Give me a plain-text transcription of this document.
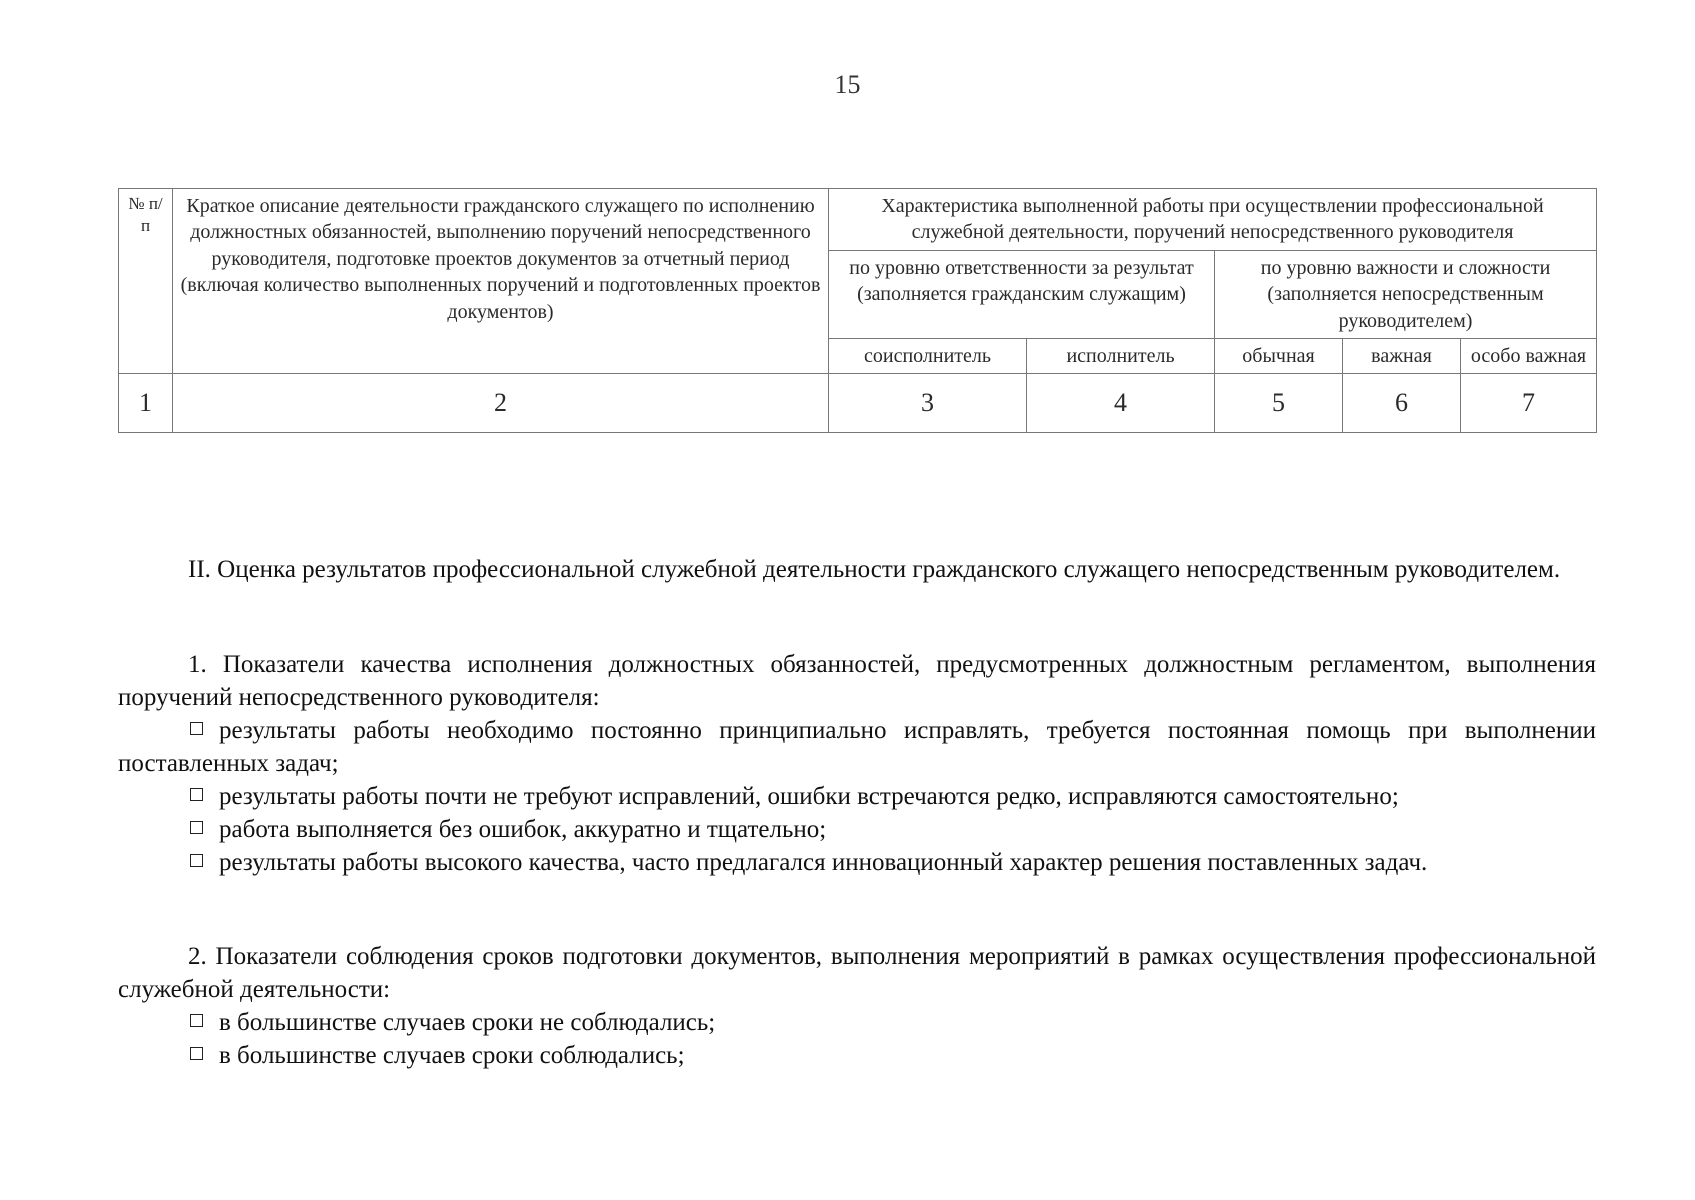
15
№ п/п	Краткое описание деятельности гражданского служащего по исполнению должностных обязанностей, выполнению поручений непосредственного руководителя, подготовке проектов документов за отчетный период (включая количество выполненных поручений и подготовленных проектов документов)	Характеристика выполненной работы при осуществлении профессиональной служебной деятельности, поручений непосредственного руководителя				
		по уровню ответственности за результат (заполняется гражданским служащим)		по уровню важности и сложности (заполняется непосредственным руководителем)		
		соисполнитель	исполнитель	обычная	важная	особо важная
1	2	3	4	5	6	7

II. Оценка результатов профессиональной служебной деятельности гражданского служащего непосредственным руководителем.

1. Показатели качества исполнения должностных обязанностей, предусмотренных должностным регламентом, выполнения поручений непосредственного руководителя:

результаты работы необходимо постоянно принципиально исправлять, требуется постоянная помощь при выполнении поставленных задач;

результаты работы почти не требуют исправлений, ошибки встречаются редко, исправляются самостоятельно;

работа выполняется без ошибок, аккуратно и тщательно;

результаты работы высокого качества, часто предлагался инновационный характер решения поставленных задач.

2. Показатели соблюдения сроков подготовки документов, выполнения мероприятий в рамках осуществления профессиональной служебной деятельности:

в большинстве случаев сроки не соблюдались;

в большинстве случаев сроки соблюдались;
